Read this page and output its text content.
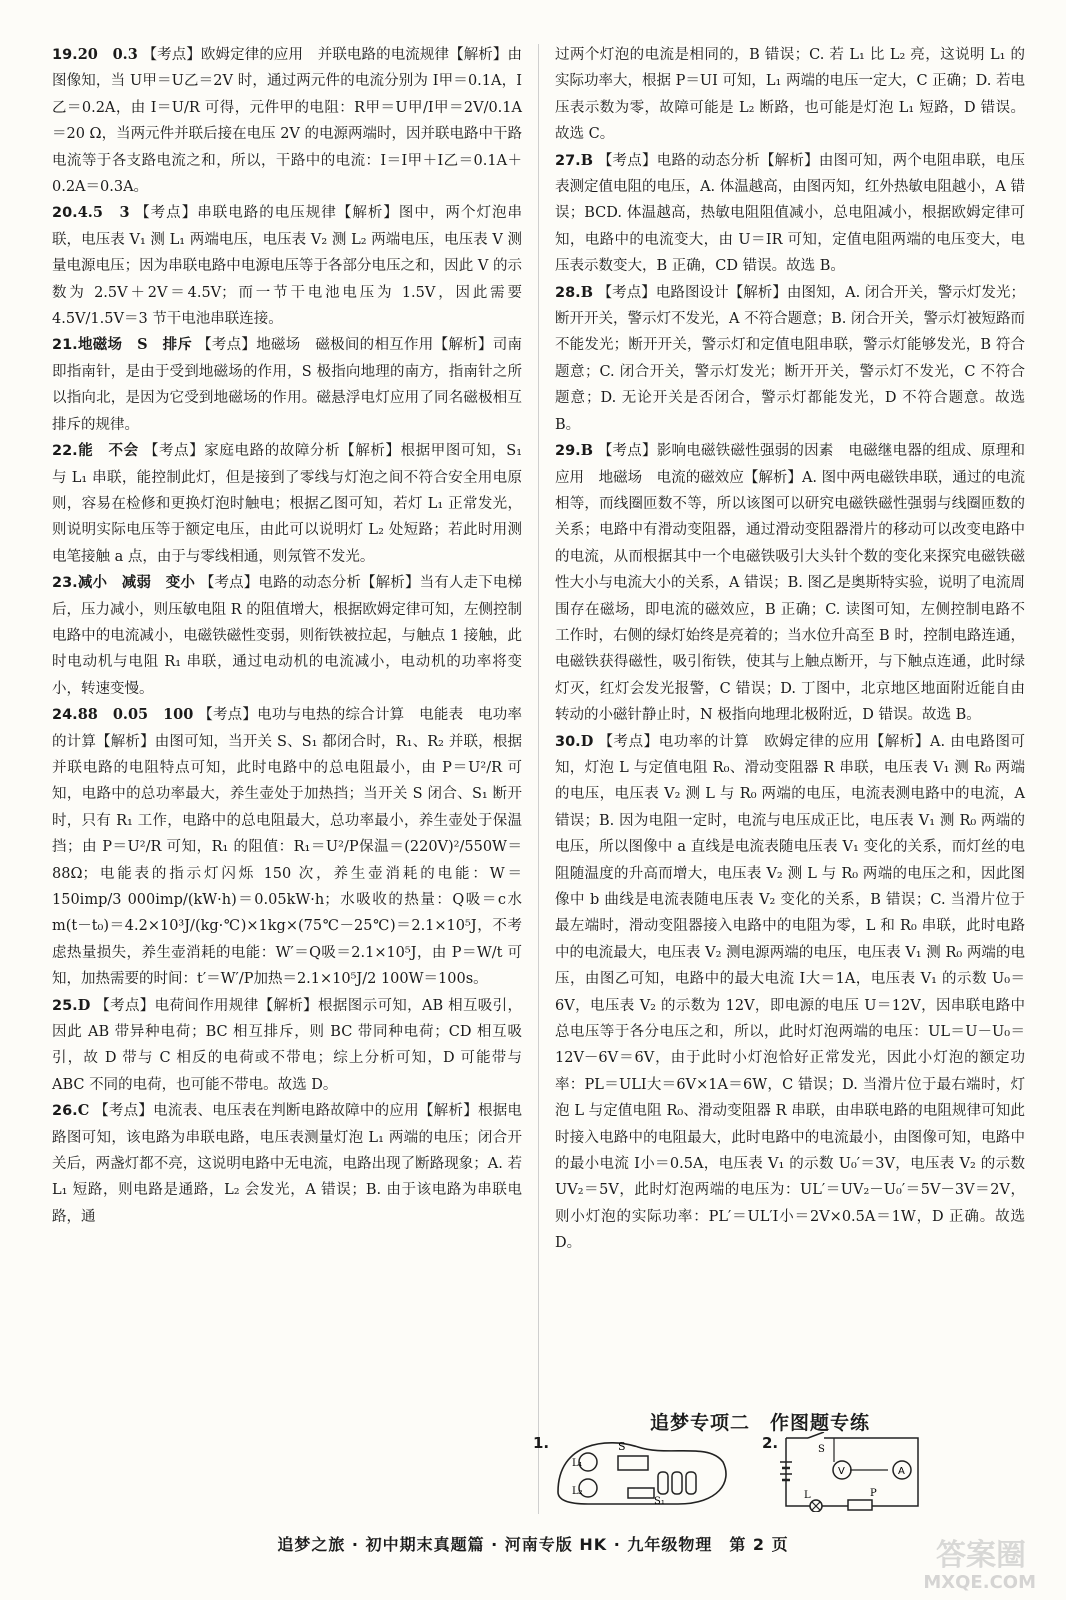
19.20　0.3 【考点】欧姆定律的应用　并联电路的电流规律【解析】由图像知，当 U甲＝U乙＝2V 时，通过两元件的电流分别为 I甲＝0.1A，I乙＝0.2A，由 I＝U/R 可得，元件甲的电阻：R甲＝U甲/I甲＝2V/0.1A＝20 Ω，当两元件并联后接在电压 2V 的电源两端时，因并联电路中干路电流等于各支路电流之和，所以，干路中的电流：I＝I甲＋I乙＝0.1A＋0.2A＝0.3A。
20.4.5　3 【考点】串联电路的电压规律【解析】图中，两个灯泡串联，电压表 V₁ 测 L₁ 两端电压，电压表 V₂ 测 L₂ 两端电压，电压表 V 测量电源电压；因为串联电路中电源电压等于各部分电压之和，因此 V 的示数为 2.5V＋2V＝4.5V；而一节干电池电压为 1.5V，因此需要 4.5V/1.5V＝3 节干电池串联连接。
21.地磁场　S　排斥 【考点】地磁场　磁极间的相互作用【解析】司南即指南针，是由于受到地磁场的作用，S 极指向地理的南方，指南针之所以指向北，是因为它受到地磁场的作用。磁悬浮电灯应用了同名磁极相互排斥的规律。
22.能　不会 【考点】家庭电路的故障分析【解析】根据甲图可知，S₁ 与 L₁ 串联，能控制此灯，但是接到了零线与灯泡之间不符合安全用电原则，容易在检修和更换灯泡时触电；根据乙图可知，若灯 L₁ 正常发光，则说明实际电压等于额定电压，由此可以说明灯 L₂ 处短路；若此时用测电笔接触 a 点，由于与零线相通，则氖管不发光。
23.减小　减弱　变小 【考点】电路的动态分析【解析】当有人走下电梯后，压力减小，则压敏电阻 R 的阻值增大，根据欧姆定律可知，左侧控制电路中的电流减小，电磁铁磁性变弱，则衔铁被拉起，与触点 1 接触，此时电动机与电阻 R₁ 串联，通过电动机的电流减小，电动机的功率将变小，转速变慢。
24.88　0.05　100 【考点】电功与电热的综合计算　电能表　电功率的计算【解析】由图可知，当开关 S、S₁ 都闭合时，R₁、R₂ 并联，根据并联电路的电阻特点可知，此时电路中的总电阻最小，由 P＝U²/R 可知，电路中的总功率最大，养生壶处于加热挡；当开关 S 闭合、S₁ 断开时，只有 R₁ 工作，电路中的总电阻最大，总功率最小，养生壶处于保温挡；由 P＝U²/R 可知，R₁ 的阻值：R₁＝U²/P保温＝(220V)²/550W＝88Ω；电能表的指示灯闪烁 150 次，养生壶消耗的电能：W＝150imp/3 000imp/(kW·h)＝0.05kW·h；水吸收的热量：Q吸＝c水 m(t－t₀)＝4.2×10³J/(kg·℃)×1kg×(75℃－25℃)＝2.1×10⁵J，不考虑热量损失，养生壶消耗的电能：W′＝Q吸＝2.1×10⁵J，由 P＝W/t 可知，加热需要的时间：t′＝W′/P加热＝2.1×10⁵J/2 100W＝100s。
25.D 【考点】电荷间作用规律【解析】根据图示可知，AB 相互吸引，因此 AB 带异种电荷；BC 相互排斥，则 BC 带同种电荷；CD 相互吸引，故 D 带与 C 相反的电荷或不带电；综上分析可知，D 可能带与 ABC 不同的电荷，也可能不带电。故选 D。
26.C 【考点】电流表、电压表在判断电路故障中的应用【解析】根据电路图可知，该电路为串联电路，电压表测量灯泡 L₁ 两端的电压；闭合开关后，两盏灯都不亮，这说明电路中无电流，电路出现了断路现象；A. 若 L₁ 短路，则电路是通路，L₂ 会发光，A 错误；B. 由于该电路为串联电路，通
过两个灯泡的电流是相同的，B 错误；C. 若 L₁ 比 L₂ 亮，这说明 L₁ 的实际功率大，根据 P＝UI 可知，L₁ 两端的电压一定大，C 正确；D. 若电压表示数为零，故障可能是 L₂ 断路，也可能是灯泡 L₁ 短路，D 错误。故选 C。
27.B 【考点】电路的动态分析【解析】由图可知，两个电阻串联，电压表测定值电阻的电压，A. 体温越高，由图丙知，红外热敏电阻越小，A 错误；BCD. 体温越高，热敏电阻阻值减小，总电阻减小，根据欧姆定律可知，电路中的电流变大，由 U＝IR 可知，定值电阻两端的电压变大，电压表示数变大，B 正确，CD 错误。故选 B。
28.B 【考点】电路图设计【解析】由图知，A. 闭合开关，警示灯发光；断开开关，警示灯不发光，A 不符合题意；B. 闭合开关，警示灯被短路而不能发光；断开开关，警示灯和定值电阻串联，警示灯能够发光，B 符合题意；C. 闭合开关，警示灯发光；断开开关，警示灯不发光，C 不符合题意；D. 无论开关是否闭合，警示灯都能发光，D 不符合题意。故选 B。
29.B 【考点】影响电磁铁磁性强弱的因素　电磁继电器的组成、原理和应用　地磁场　电流的磁效应【解析】A. 图中两电磁铁串联，通过的电流相等，而线圈匝数不等，所以该图可以研究电磁铁磁性强弱与线圈匝数的关系；电路中有滑动变阻器，通过滑动变阻器滑片的移动可以改变电路中的电流，从而根据其中一个电磁铁吸引大头针个数的变化来探究电磁铁磁性大小与电流大小的关系，A 错误；B. 图乙是奥斯特实验，说明了电流周围存在磁场，即电流的磁效应，B 正确；C. 读图可知，左侧控制电路不工作时，右侧的绿灯始终是亮着的；当水位升高至 B 时，控制电路连通，电磁铁获得磁性，吸引衔铁，使其与上触点断开，与下触点连通，此时绿灯灭，红灯会发光报警，C 错误；D. 丁图中，北京地区地面附近能自由转动的小磁针静止时，N 极指向地理北极附近，D 错误。故选 B。
30.D 【考点】电功率的计算　欧姆定律的应用【解析】A. 由电路图可知，灯泡 L 与定值电阻 R₀、滑动变阻器 R 串联，电压表 V₁ 测 R₀ 两端的电压，电压表 V₂ 测 L 与 R₀ 两端的电压，电流表测电路中的电流，A 错误；B. 因为电阻一定时，电流与电压成正比，电压表 V₁ 测 R₀ 两端的电压，所以图像中 a 直线是电流表随电压表 V₁ 变化的关系，而灯丝的电阻随温度的升高而增大，电压表 V₂ 测 L 与 R₀ 两端的电压之和，因此图像中 b 曲线是电流表随电压表 V₂ 变化的关系，B 错误；C. 当滑片位于最左端时，滑动变阻器接入电路中的电阻为零，L 和 R₀ 串联，此时电路中的电流最大，电压表 V₂ 测电源两端的电压，电压表 V₁ 测 R₀ 两端的电压，由图乙可知，电路中的最大电流 I大＝1A，电压表 V₁ 的示数 U₀＝6V，电压表 V₂ 的示数为 12V，即电源的电压 U＝12V，因串联电路中总电压等于各分电压之和，所以，此时灯泡两端的电压：UL＝U－U₀＝12V－6V＝6V，由于此时小灯泡恰好正常发光，因此小灯泡的额定功率：PL＝ULI大＝6V×1A＝6W，C 错误；D. 当滑片位于最右端时，灯泡 L 与定值电阻 R₀、滑动变阻器 R 串联，由串联电路的电阻规律可知此时接入电路中的电阻最大，此时电路中的电流最小，由图像可知，电路中的最小电流 I小＝0.5A，电压表 V₁ 的示数 U₀′＝3V，电压表 V₂ 的示数 UV₂＝5V，此时灯泡两端的电压为：UL′＝UV₂－U₀′＝5V－3V＝2V，则小灯泡的实际功率：PL′＝UL′I小＝2V×0.5A＝1W，D 正确。故选 D。
追梦专项二　作图题专练
1.	S
L₁
L₂
S₁
2.
V	A
S
L	P
追梦之旅 · 初中期末真题篇 · 河南专版 HK · 九年级物理　第 2 页	答案圈
MXQE.COM
